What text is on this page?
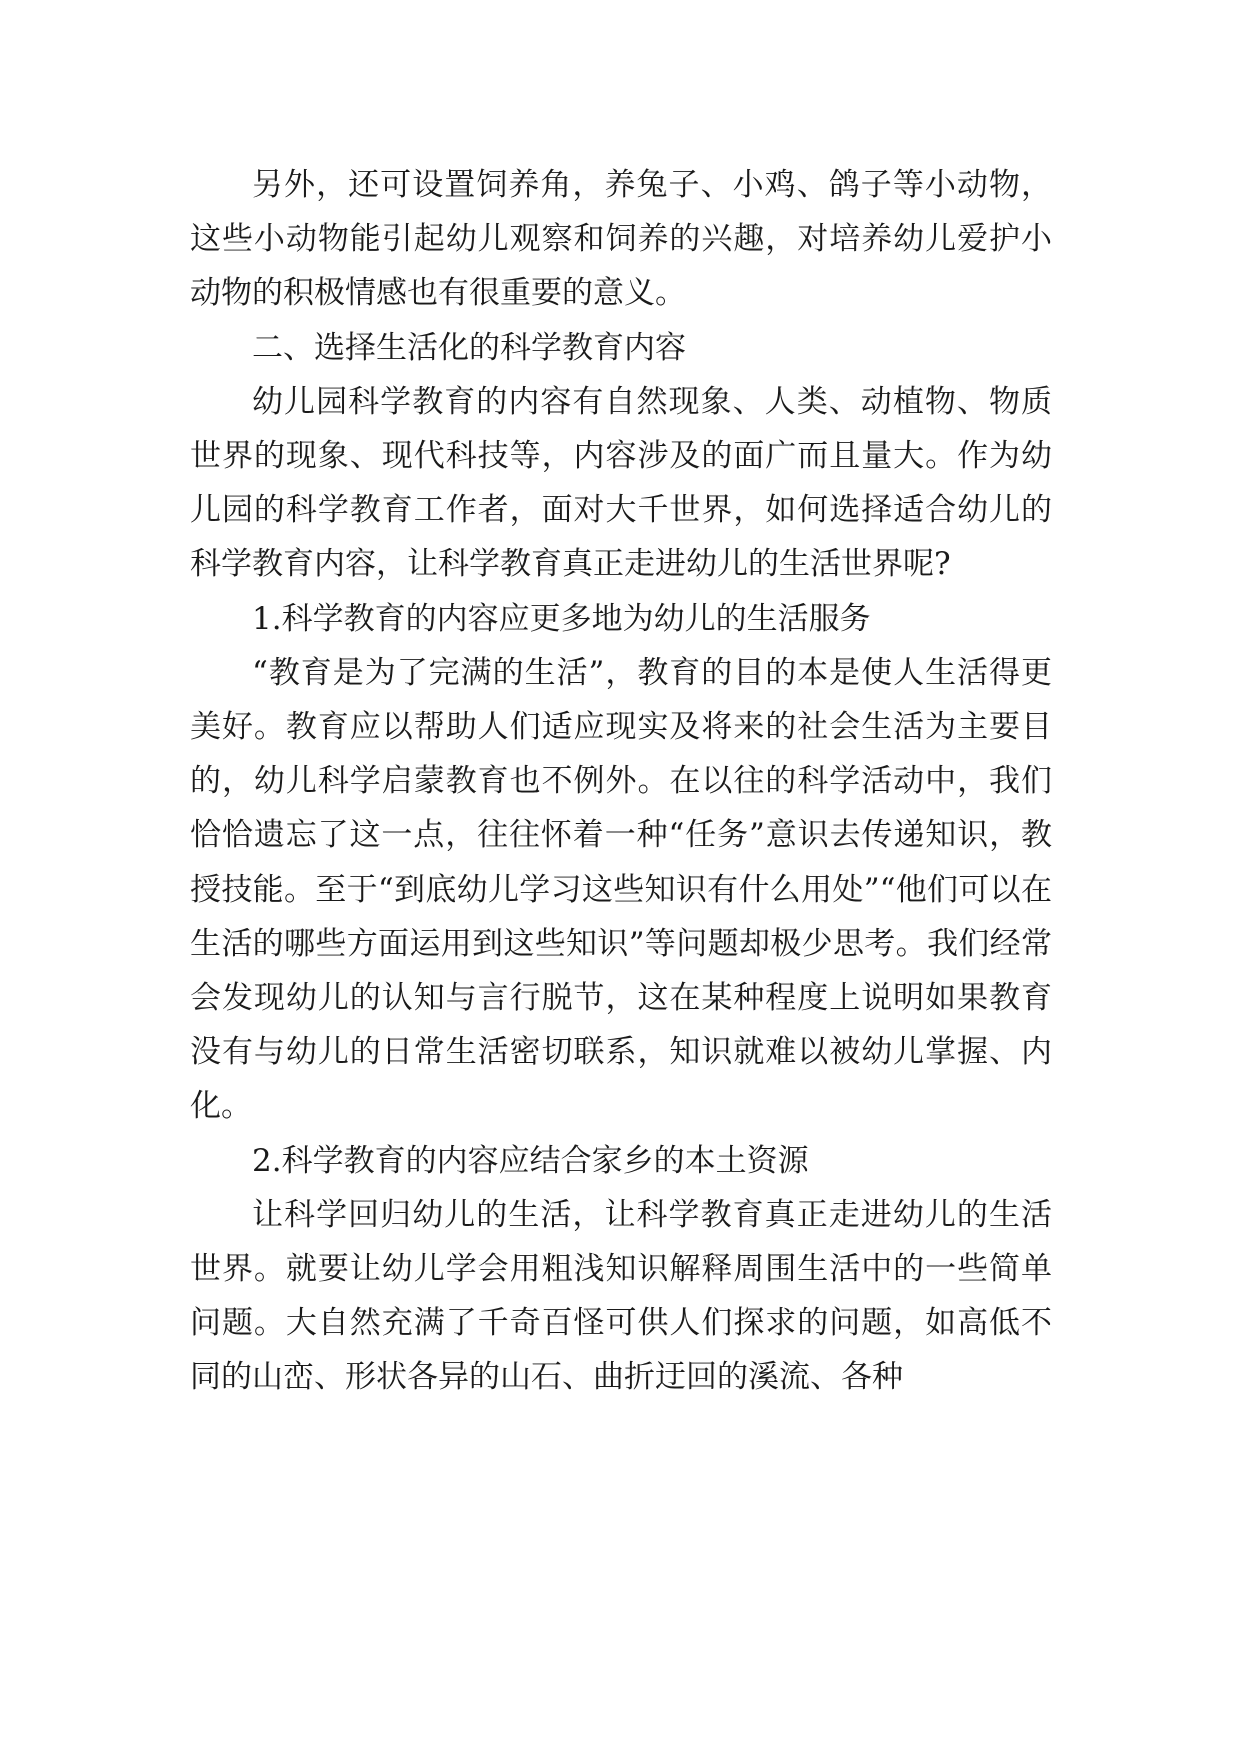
另外，还可设置饲养角，养兔子、小鸡、鸽子等小动物，这些小动物能引起幼儿观察和饲养的兴趣，对培养幼儿爱护小动物的积极情感也有很重要的意义。

二、选择生活化的科学教育内容

幼儿园科学教育的内容有自然现象、人类、动植物、物质世界的现象、现代科技等，内容涉及的面广而且量大。作为幼儿园的科学教育工作者，面对大千世界，如何选择适合幼儿的科学教育内容，让科学教育真正走进幼儿的生活世界呢?

1.科学教育的内容应更多地为幼儿的生活服务

“教育是为了完满的生活”，教育的目的本是使人生活得更美好。教育应以帮助人们适应现实及将来的社会生活为主要目的，幼儿科学启蒙教育也不例外。在以往的科学活动中，我们恰恰遗忘了这一点，往往怀着一种“任务”意识去传递知识，教授技能。至于“到底幼儿学习这些知识有什么用处”“他们可以在生活的哪些方面运用到这些知识”等问题却极少思考。我们经常会发现幼儿的认知与言行脱节，这在某种程度上说明如果教育没有与幼儿的日常生活密切联系，知识就难以被幼儿掌握、内化。

2.科学教育的内容应结合家乡的本土资源

让科学回归幼儿的生活，让科学教育真正走进幼儿的生活世界。就要让幼儿学会用粗浅知识解释周围生活中的一些简单问题。大自然充满了千奇百怪可供人们探求的问题，如高低不同的山峦、形状各异的山石、曲折迂回的溪流、各种
